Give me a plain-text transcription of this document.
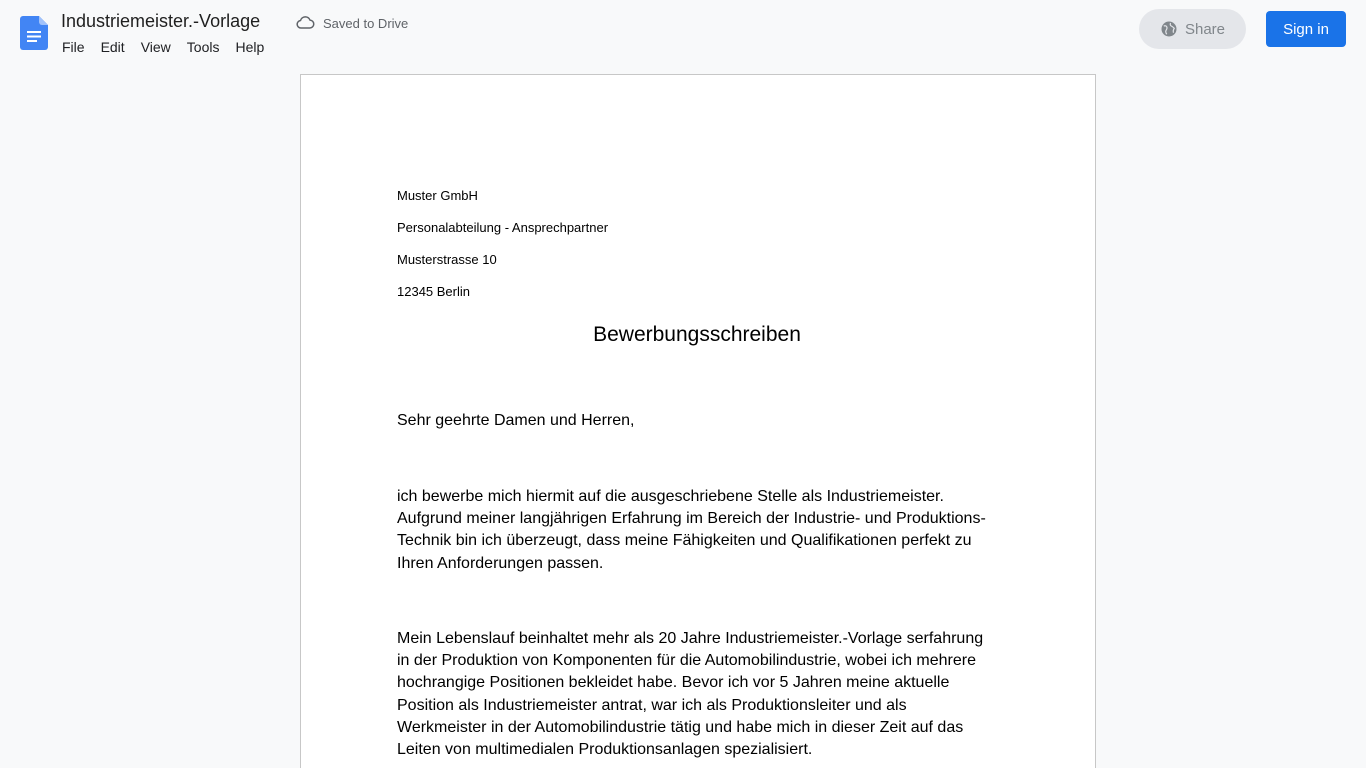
Industriemeister.-Vorlage	Saved to Drive
File	Edit	View	Tools	Help
Share	Sign in
Muster GmbH
Personalabteilung - Ansprechpartner
Musterstrasse 10
12345 Berlin
Bewerbungsschreiben
Sehr geehrte Damen und Herren,
ich bewerbe mich hiermit auf die ausgeschriebene Stelle als Industriemeister. Aufgrund meiner langjährigen Erfahrung im Bereich der Industrie- und Produktions-Technik bin ich überzeugt, dass meine Fähigkeiten und Qualifikationen perfekt zu Ihren Anforderungen passen.
Mein Lebenslauf beinhaltet mehr als 20 Jahre Industriemeister.-Vorlage serfahrung in der Produktion von Komponenten für die Automobilindustrie, wobei ich mehrere hochrangige Positionen bekleidet habe. Bevor ich vor 5 Jahren meine aktuelle Position als Industriemeister antrat, war ich als Produktionsleiter und als Werkmeister in der Automobilindustrie tätig und habe mich in dieser Zeit auf das Leiten von multimedialen Produktionsanlagen spezialisiert.
